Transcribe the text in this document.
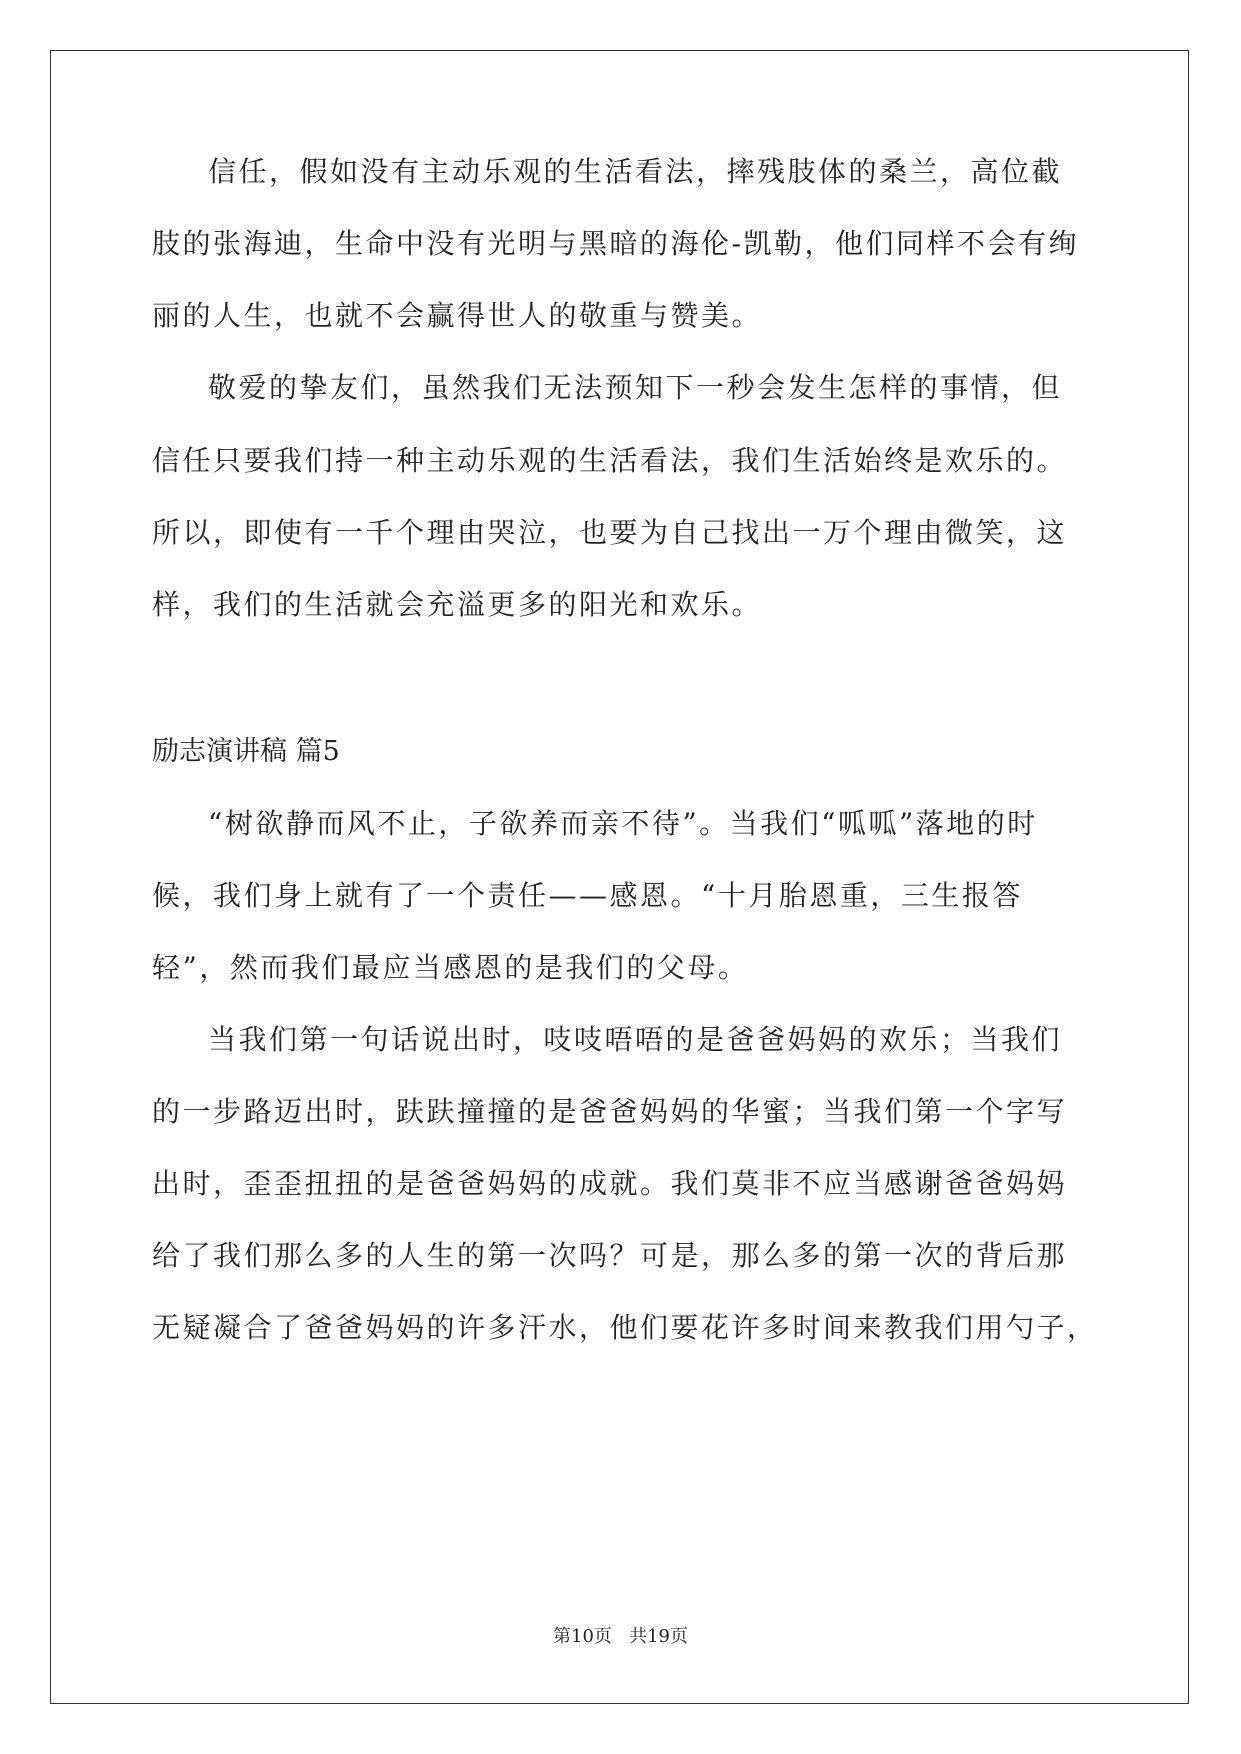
信任，假如没有主动乐观的生活看法，摔残肢体的桑兰，高位截
肢的张海迪，生命中没有光明与黑暗的海伦-凯勒，他们同样不会有绚
丽的人生，也就不会赢得世人的敬重与赞美。
敬爱的挚友们，虽然我们无法预知下一秒会发生怎样的事情，但
信任只要我们持一种主动乐观的生活看法，我们生活始终是欢乐的。
所以，即使有一千个理由哭泣，也要为自己找出一万个理由微笑，这
样，我们的生活就会充溢更多的阳光和欢乐。
励志演讲稿 篇5
“树欲静而风不止，子欲养而亲不待”。当我们“呱呱”落地的时
候，我们身上就有了一个责任——感恩。“十月胎恩重，三生报答
轻”，然而我们最应当感恩的是我们的父母。
当我们第一句话说出时，吱吱唔唔的是爸爸妈妈的欢乐；当我们
的一步路迈出时，趺趺撞撞的是爸爸妈妈的华蜜；当我们第一个字写
出时，歪歪扭扭的是爸爸妈妈的成就。我们莫非不应当感谢爸爸妈妈
给了我们那么多的人生的第一次吗？可是，那么多的第一次的背后那
无疑凝合了爸爸妈妈的许多汗水，他们要花许多时间来教我们用勺子，
第10页 共19页
